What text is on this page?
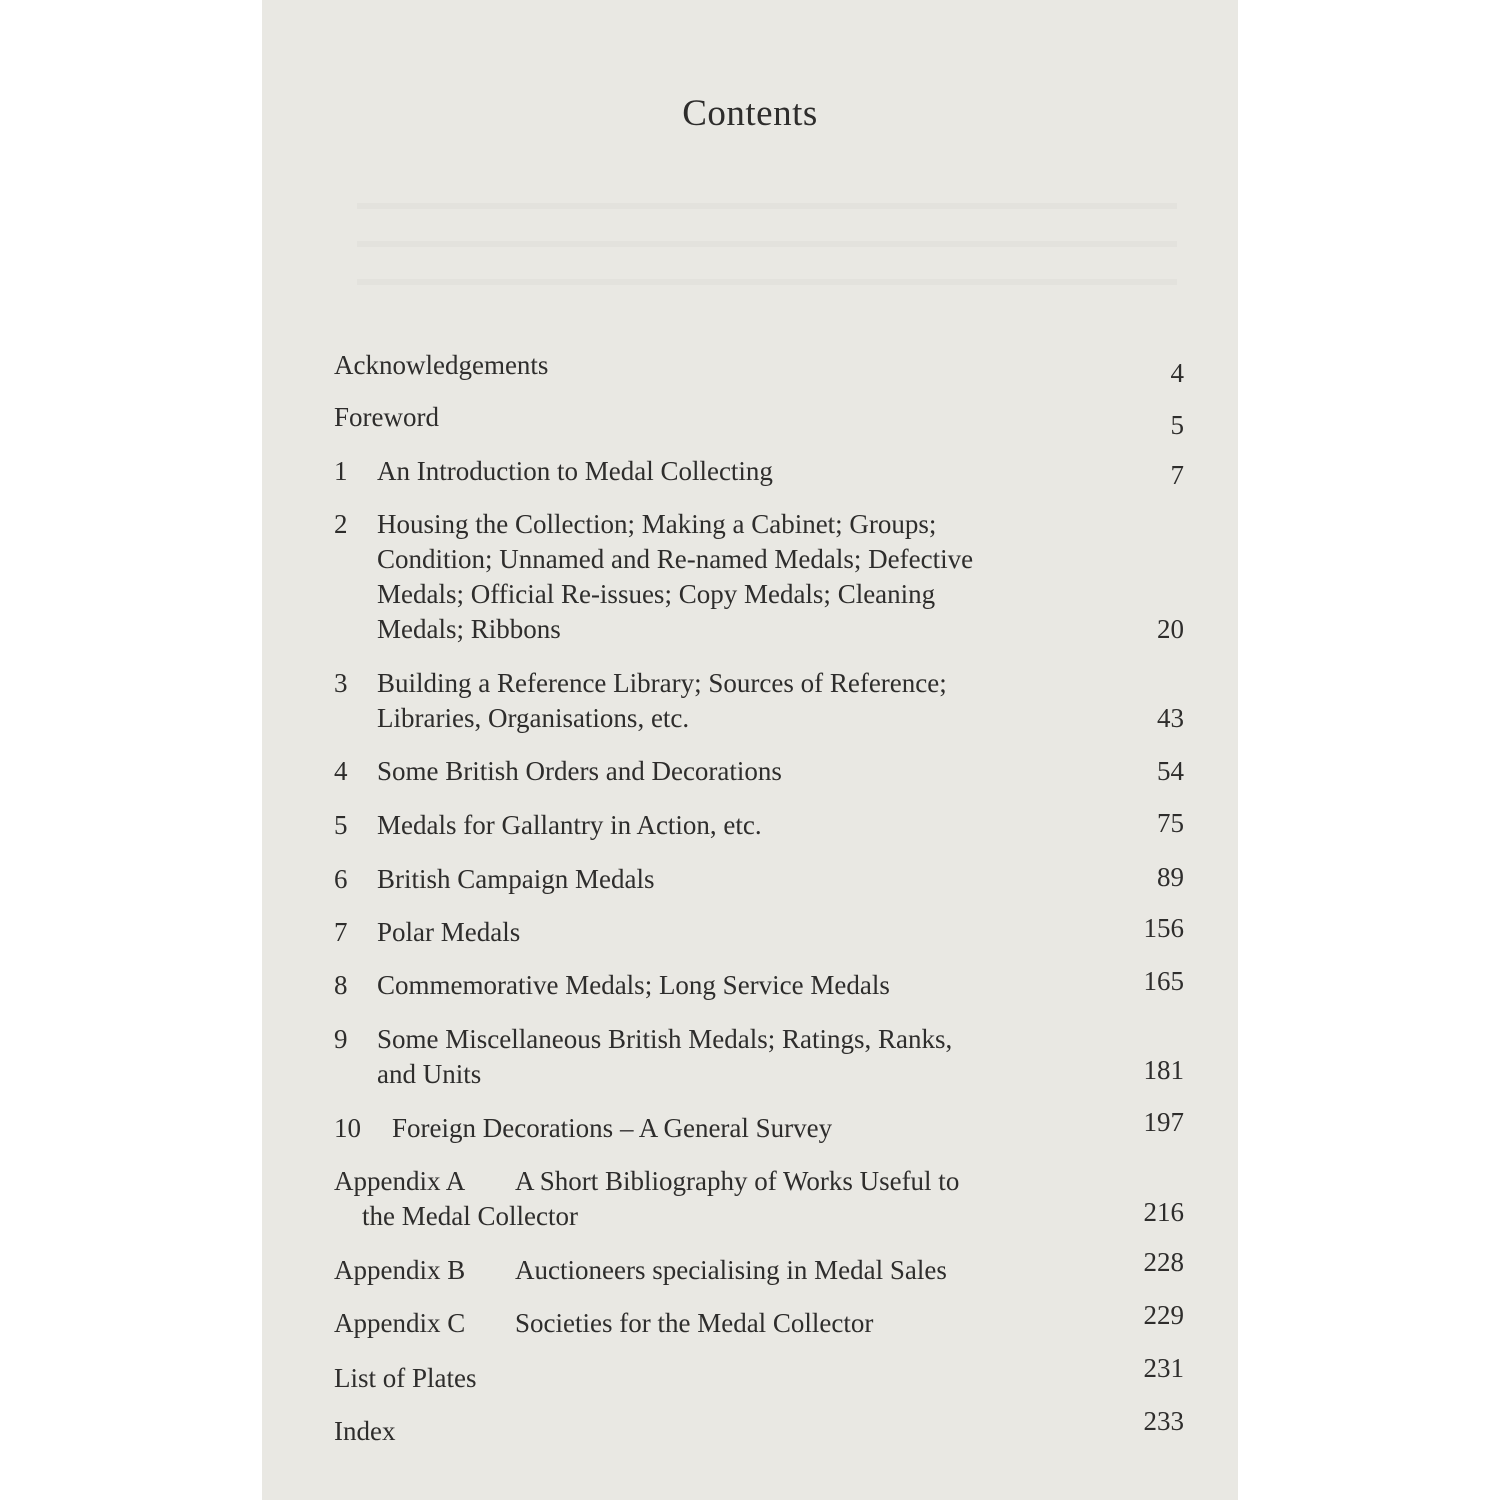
Contents
Acknowledgements	4
Foreword	5
1	An Introduction to Medal Collecting	7
2	Housing the Collection; Making a Cabinet; Groups;
Condition; Unnamed and Re-named Medals; Defective
Medals; Official Re-issues; Copy Medals; Cleaning
Medals; Ribbons	20
3	Building a Reference Library; Sources of Reference;
Libraries, Organisations, etc.	43
4	Some British Orders and Decorations	54
5	Medals for Gallantry in Action, etc.	75
6	British Campaign Medals	89
7	Polar Medals	156
8	Commemorative Medals; Long Service Medals	165
9	Some Miscellaneous British Medals; Ratings, Ranks,
and Units	181
10	Foreign Decorations – A General Survey	197
Appendix A A Short Bibliography of Works Useful to
the Medal Collector	216
Appendix B Auctioneers specialising in Medal Sales	228
Appendix C Societies for the Medal Collector	229
List of Plates	231
Index	233
